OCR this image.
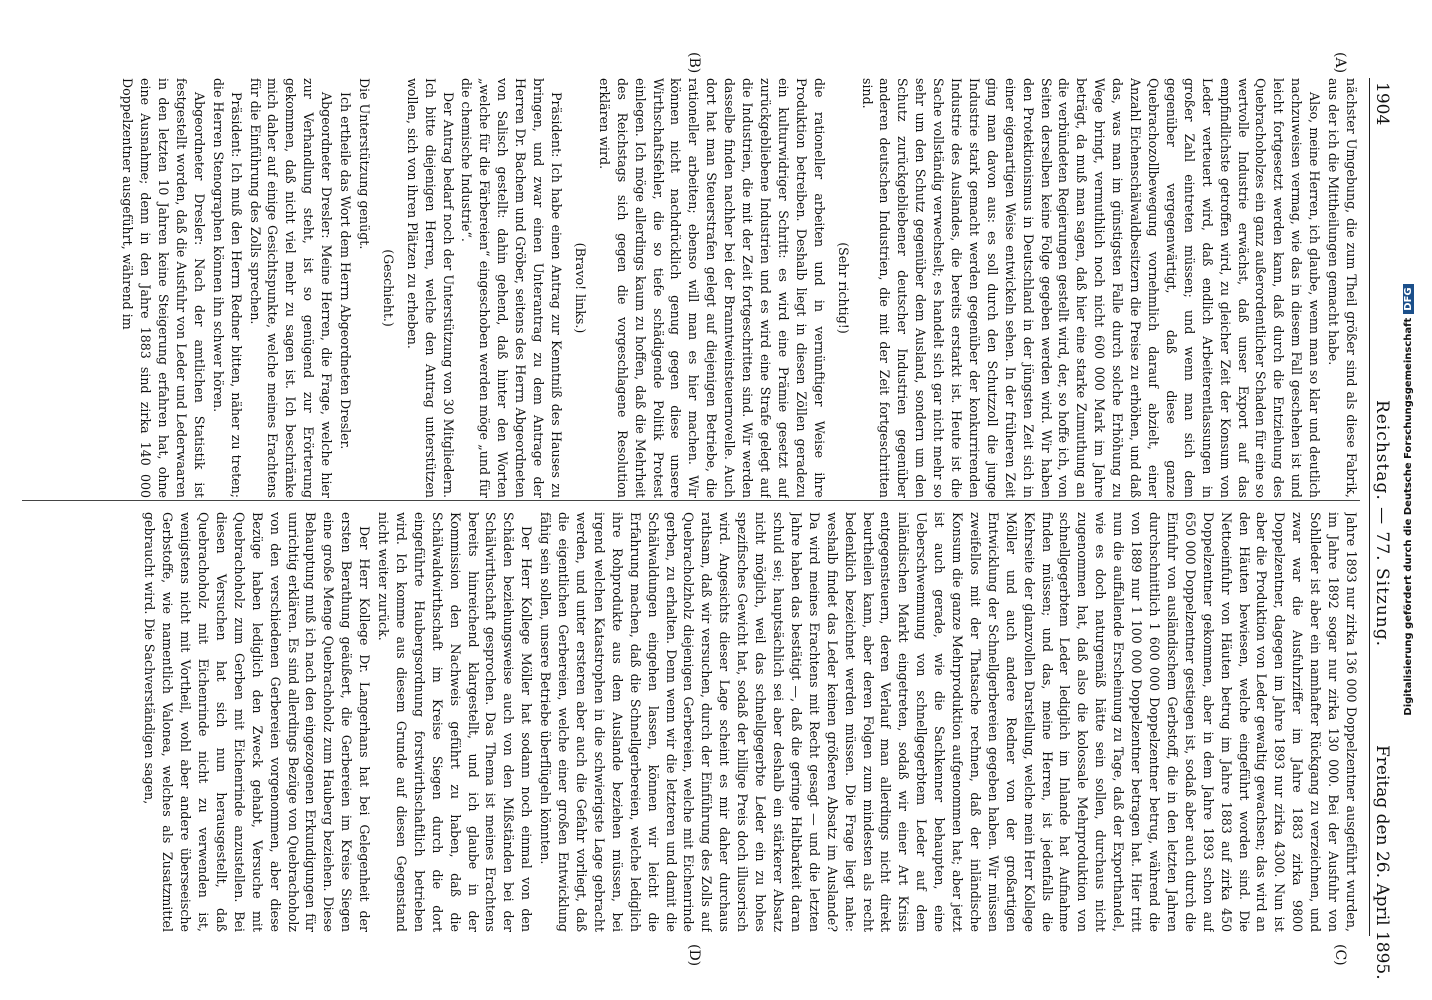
1904
Reichstag. — 77. Sitzung.
Freitag den 26. April 1895.
(A)
(B)
(C)
(D)

nächster Umgebung, die zum Theil größer sind als diese Fabrik, aus der ich die Mittheilungen gemacht habe.

Also, meine Herren, ich glaube, wenn man so klar und deutlich nachzuweisen vermag, wie das in diesem Fall geschehen ist und leicht fortgesetzt werden kann, daß durch die Entziehung des Quebrachoholzes ein ganz außerordentlicher Schaden für eine so wertvolle Industrie erwächst, daß unser Export auf das empfindlichste getroffen wird, zu gleicher Zeit der Konsum von Leder verteuert wird, daß endlich Arbeiterentlassungen in großer Zahl eintreten müssen; und wenn man sich dem gegenüber vergegenwärtigt, daß diese ganze Quebrachozollbewegung vornehmlich darauf abzielt, einer Anzahl Eichenschälwaldbesitzern die Preise zu erhöhen, und daß das, was man im günstigsten Falle durch solche Erhöhung zu Wege bringt, vermuthlich noch nicht 600 000 Mark im Jahre beträgt, da muß man sagen, daß hier eine starke Zumuthung an die verbündeten Regierungen gestellt wird, der, so hoffe ich, von Seiten derselben keine Folge gegeben werden wird. Wir haben den Protektionismus in Deutschland in der jüngsten Zeit sich in einer eigenartigen Weise entwickeln sehen. In der früheren Zeit ging man davon aus: es soll durch den Schutzzoll die junge Industrie stark gemacht werden gegenüber der konkurrirenden Industrie des Auslandes, die bereits erstarkt ist. Heute ist die Sache vollständig verwechselt; es handelt sich gar nicht mehr so sehr um den Schutz gegenüber dem Ausland, sondern um den Schutz zurückgebliebener deutscher Industrien gegenüber anderen deutschen Industrien, die mit der Zeit fortgeschritten sind.

(Sehr richtig!)

die rationeller arbeiten und in vernünftiger Weise ihre Produktion betreiben. Deshalb liegt in diesen Zöllen geradezu ein kulturwidriger Schritt: es wird eine Prämie gesetzt auf zurückgebliebene Industrien und es wird eine Strafe gelegt auf die Industrien, die mit der Zeit fortgeschritten sind. Wir werden dasselbe finden nachher bei der Branntweinsteuernovelle. Auch dort hat man Steuerstrafen gelegt auf diejenigen Betriebe, die rationeller arbeiten; ebenso will man es hier machen. Wir können nicht nachdrücklich genug gegen diese unsere Wirthschaftsfehler, die so tiefe schädigende Politik Protest einlegen. Ich möge allerdings kaum zu hoffen, daß die Mehrheit des Reichstags sich gegen die vorgeschlagene Resolution erklären wird.

(Bravo! links.)

Präsident: Ich habe einen Antrag zur Kenntniß des Hauses zu bringen, und zwar einen Unterantrag zu dem Antrage der Herren Dr. Bachem und Gröber, seitens des Herrn Abgeordneten von Salisch gestellt: dahin gehend, daß hinter den Worten „welche für die Färbereien“ eingeschoben werden möge „und für die chemische Industrie“.

Der Antrag bedarf noch der Unterstützung von 30 Mitgliedern. Ich bitte diejenigen Herren, welche den Antrag unterstützen wollen, sich von ihren Plätzen zu erheben.

(Geschieht.)

Die Unterstützung genügt.

Ich ertheile das Wort dem Herrn Abgeordneten Dresler.

Abgeordneter Dresler: Meine Herren, die Frage, welche hier zur Verhandlung steht, ist so genügend zur Erörterung gekommen, daß nicht viel mehr zu sagen ist. Ich beschränke mich daher auf einige Gesichtspunkte, welche meines Erachtens für die Einführung des Zolls sprechen.

Präsident: Ich muß den Herrn Redner bitten, näher zu treten; die Herren Stenographen können ihn schwer hören.

Abgeordneter Dresler: Nach der amtlichen Statistik ist festgestellt worden, daß die Ausfuhr von Leder und Lederwaaren in den letzten 10 Jahren keine Steigerung erfahren hat, ohne eine Ausnahme; denn in den Jahre 1883 sind zirka 140 000 Doppelzentner ausgeführt, während im

Jahre 1893 nur zirka 136 000 Doppelzentner ausgeführt wurden, im Jahre 1892 sogar nur zirka 130 000. Bei der Ausfuhr von Sohlleder ist aber ein namhafter Rückgang zu verzeichnen, und zwar war die Ausfuhrziffer im Jahre 1883 zirka 9800 Doppelzentner, dagegen im Jahre 1893 nur zirka 4300. Nun ist aber die Produktion von Leder gewaltig gewachsen; das wird an den Häuten bewiesen, welche eingeführt worden sind. Die Nettoeinfuhr von Häuten betrug im Jahre 1883 auf zirka 450 Doppelzentner gekommen, aber in dem Jahre 1893 schon auf 650 000 Doppelzentner gestiegen ist, sodaß aber auch durch die Einfuhr von ausländischem Gerbstoff, die in den letzten Jahren durchschnittlich 1 600 000 Doppelzentner betrug, während die von 1889 nur 1 100 000 Doppelzentner betragen hat. Hier tritt nun die auffallende Erscheinung zu Tage, daß der Exporthandel, wie es doch naturgemäß hätte sein sollen, durchaus nicht zugenommen hat, daß also die kolossale Mehrproduktion von schnellgegerbtem Leder lediglich im Inlande hat Aufnahme finden müssen; und das, meine Herren, ist jedenfalls die Kehrseite der glanzvollen Darstellung, welche mein Herr Kollege Möller und auch andere Redner von der großartigen Entwicklung der Schnellgerbereien gegeben haben. Wir müssen zweifellos mit der Thatsache rechnen, daß der inländische Konsum die ganze Mehrproduktion aufgenommen hat; aber jetzt ist auch gerade, wie die Sachkenner behaupten, eine Ueberschwemmung von schnellgegerbtem Leder auf dem inländischen Markt eingetreten, sodaß wir einer Art Krisis entgegensteuern, deren Verlauf man allerdings nicht direkt beurtheilen kann, aber deren Folgen zum mindesten als recht bedenklich bezeichnet werden müssen. Die Frage liegt nahe: weshalb findet das Leder keinen größeren Absatz im Auslande? Da wird meines Erachtens mit Recht gesagt — und die letzten Jahre haben das bestätigt —, daß die geringe Haltbarkeit daran schuld sei; hauptsächlich sei aber deshalb ein stärkerer Absatz nicht möglich, weil das schnellgegerbte Leder ein zu hohes spezifisches Gewicht hat, sodaß der billige Preis doch illusorisch wird. Angesichts dieser Lage scheint es mir daher durchaus rathsam, daß wir versuchen, durch der Einführung des Zolls auf Quebracholzholz diejenigen Gerbereien, welche mit Eichenrinde gerben, zu erhalten. Denn wenn wir die letzteren und damit die Schälwaldungen eingehen lassen, können wir leicht die Erfahrung machen, daß die Schnellgerbereien, welche lediglich ihre Rohprodukte aus dem Auslande beziehen müssen, bei irgend welchen Katastrophen in die schwierigste Lage gebracht werden, und unter ersteren aber auch die Gefahr vorliegt, daß die eigentlichen Gerbereien, welche einer großen Entwicklung fähig sein sollen, unsere Betriebe überflügeln könnten.

Der Herr Kollege Möller hat sodann noch einmal von den Schäden beziehungsweise auch von den Mißständen bei der Schälwirthschaft gesprochen. Das Thema ist meines Erachtens bereits hinreichend klargestellt, und ich glaube in der Kommission den Nachweis geführt zu haben, daß die Schälwaldwirthschaft im Kreise Siegen durch die dort eingeführte Haubergsordnung forstwirthschaftlich betrieben wird. Ich komme aus diesem Grunde auf diesen Gegenstand nicht weiter zurück.

Der Herr Kollege Dr. Langerhans hat bei Gelegenheit der ersten Berathung geäußert, die Gerbereien im Kreise Siegen eine große Menge Quebrachoholz zum Hauberg beziehen. Diese Behauptung muß ich nach den eingezogenen Erkundigungen für unrichtig erklären. Es sind allerdings Bezüge von Quebrachoholz von den verschiedenen Gerbereien vorgenommen, aber diese Bezüge haben lediglich den Zweck gehabt, Versuche mit Quebrachoholz zum Gerben mit Eichenrinde anzustellen. Bei diesen Versuchen hat sich nun herausgestellt, daß Quebrachoholz mit Eichenrinde nicht zu verwenden ist, wenigstens nicht mit Vortheil, wohl aber andere überseeische Gerbstoffe, wie namentlich Valonea, welches als Zusatzmittel gebraucht wird. Die Sachverständigen sagen,	Digitalisierung gefördert durch die Deutsche ForschungsgemeinschaftDFG
